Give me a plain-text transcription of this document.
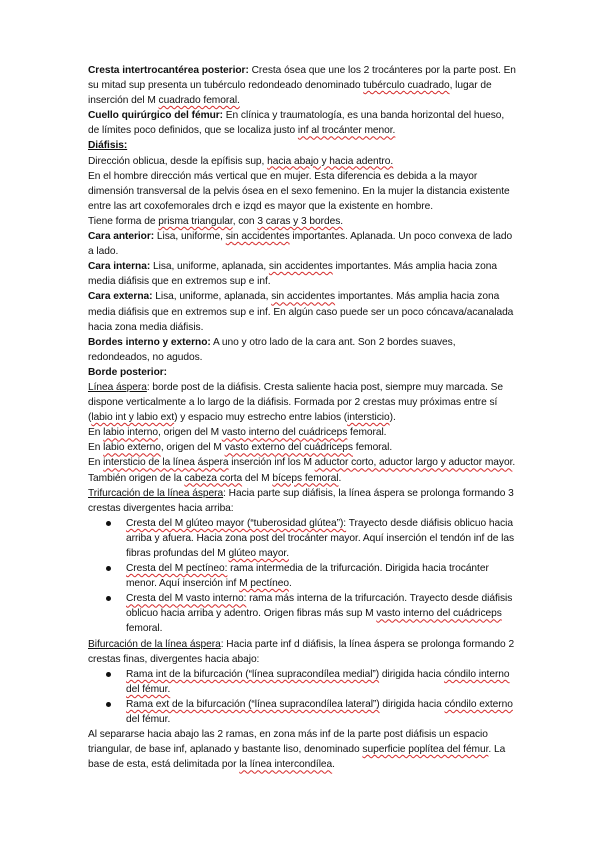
Cresta intertrocantérea posterior: Cresta ósea que une los 2 trocánteres por la parte post. En su mitad sup presenta un tubérculo redondeado denominado tubérculo cuadrado, lugar de inserción del M cuadrado femoral.

Cuello quirúrgico del fémur: En clínica y traumatología, es una banda horizontal del hueso, de límites poco definidos, que se localiza justo inf al trocánter menor.

Diáfisis:

Dirección oblicua, desde la epífisis sup, hacia abajo y hacia adentro.

En el hombre dirección más vertical que en mujer. Esta diferencia es debida a la mayor dimensión transversal de la pelvis ósea en el sexo femenino. En la mujer la distancia existente entre las art coxofemorales drch e izqd es mayor que la existente en hombre.

Tiene forma de prisma triangular, con 3 caras y 3 bordes.

Cara anterior: Lisa, uniforme, sin accidentes importantes. Aplanada. Un poco convexa de lado a lado.

Cara interna: Lisa, uniforme, aplanada, sin accidentes importantes. Más amplia hacia zona media diáfisis que en extremos sup e inf.

Cara externa: Lisa, uniforme, aplanada, sin accidentes importantes. Más amplia hacia zona media diáfisis que en extremos sup e inf. En algún caso puede ser un poco cóncava/acanalada hacia zona media diáfisis.

Bordes interno y externo: A uno y otro lado de la cara ant. Son 2 bordes suaves, redondeados, no agudos.

Borde posterior:

Línea áspera: borde post de la diáfisis. Cresta saliente hacia post, siempre muy marcada. Se dispone verticalmente a lo largo de la diáfisis. Formada por 2 crestas muy próximas entre sí (labio int y labio ext) y espacio muy estrecho entre labios (intersticio).

En labio interno, origen del M vasto interno del cuádriceps femoral.

En labio externo, origen del M vasto externo del cuádriceps femoral.

En intersticio de la línea áspera inserción inf los M aductor corto, aductor largo y aductor mayor. También origen de la cabeza corta del M bíceps femoral.

Trifurcación de la línea áspera: Hacia parte sup diáfisis, la línea áspera se prolonga formando 3 crestas divergentes hacia arriba:

Cresta del M glúteo mayor (“tuberosidad glútea”): Trayecto desde diáfisis oblicuo hacia arriba y afuera. Hacia zona post del trocánter mayor. Aquí inserción el tendón inf de las fibras profundas del M glúteo mayor.
Cresta del M pectíneo: rama intermedia de la trifurcación. Dirigida hacia trocánter menor. Aquí inserción inf M pectíneo.
Cresta del M vasto interno: rama más interna de la trifurcación. Trayecto desde diáfisis oblicuo hacia arriba y adentro. Origen fibras más sup M vasto interno del cuádriceps femoral.

Bifurcación de la línea áspera: Hacia parte inf d diáfisis, la línea áspera se prolonga formando 2 crestas finas, divergentes hacia abajo:

Rama int de la bifurcación (“línea supracondílea medial”) dirigida hacia cóndilo interno del fémur.
Rama ext de la bifurcación (“línea supracondílea lateral”) dirigida hacia cóndilo externo del fémur.

Al separarse hacia abajo las 2 ramas, en zona más inf de la parte post diáfisis un espacio triangular, de base inf, aplanado y bastante liso, denominado superficie poplítea del fémur. La base de esta, está delimitada por la línea intercondílea.
